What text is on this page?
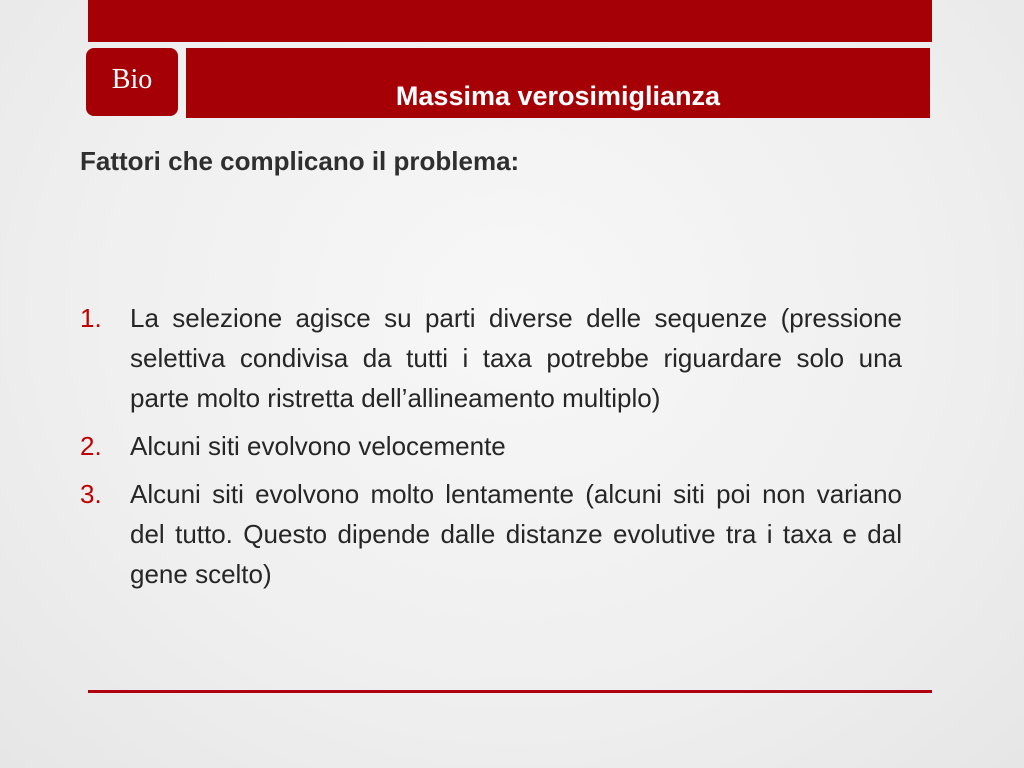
Bio
Massima verosimiglianza
Fattori che complicano il problema:
1.	La selezione agisce su parti diverse delle sequenze (pressione selettiva condivisa da tutti i taxa potrebbe riguardare solo una parte molto ristretta dell’allineamento multiplo)
2.	Alcuni siti evolvono velocemente
3.	Alcuni siti evolvono molto lentamente (alcuni siti poi non variano del tutto. Questo dipende dalle distanze evolutive tra i taxa e dal gene scelto)
